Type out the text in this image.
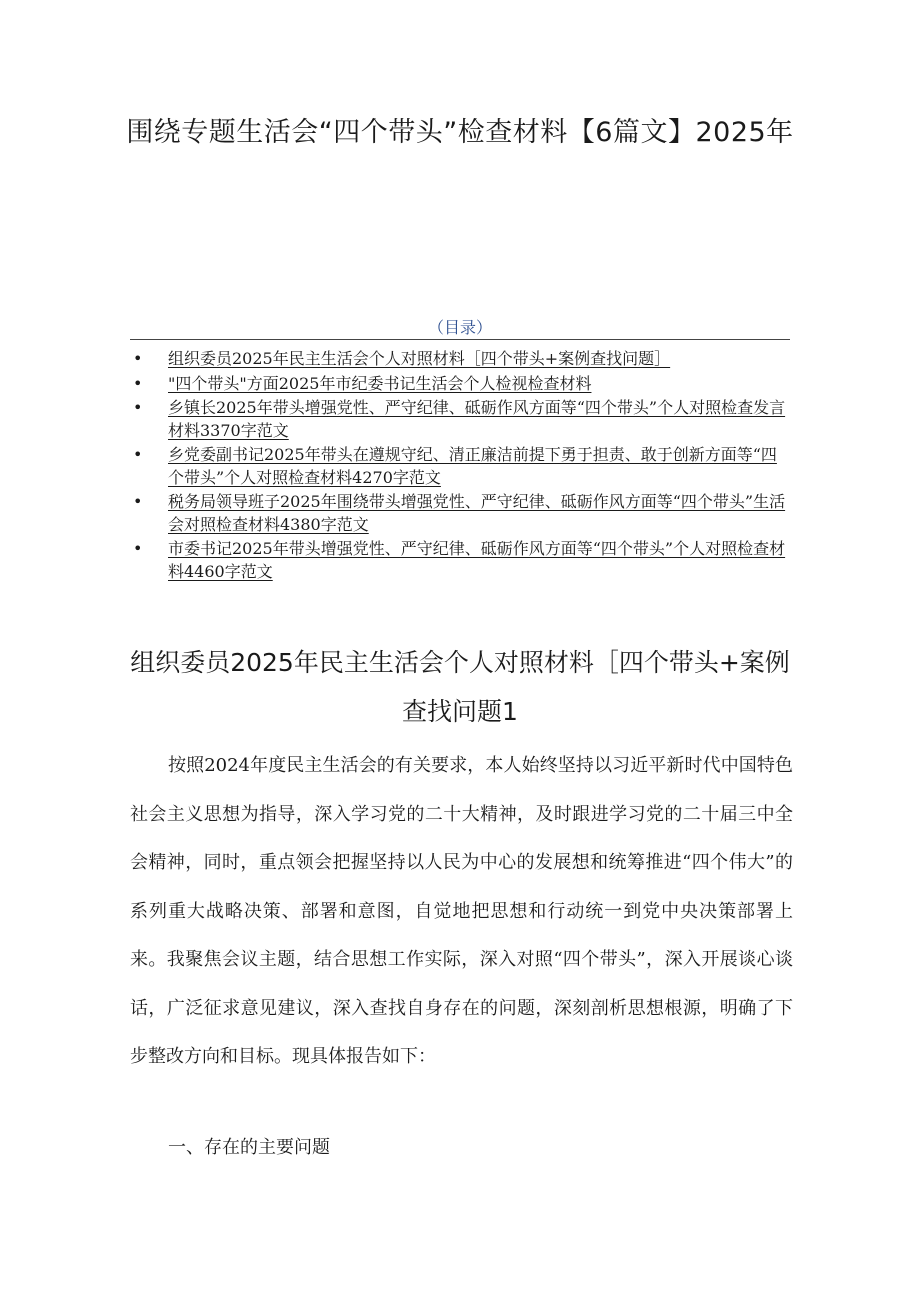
围绕专题生活会“四个带头”检查材料【6篇文】2025年

（目录）

• 组织委员2025年民主生活会个人对照材料［四个带头+案例查找问题］
• "四个带头"方面2025年市纪委书记生活会个人检视检查材料
• 乡镇长2025年带头增强党性、严守纪律、砥砺作风方面等“四个带头”个人对照检查发言材料3370字范文
• 乡党委副书记2025年带头在遵规守纪、清正廉洁前提下勇于担责、敢于创新方面等“四个带头”个人对照检查材料4270字范文
• 税务局领导班子2025年围绕带头增强党性、严守纪律、砥砺作风方面等“四个带头”生活会对照检查材料4380字范文
• 市委书记2025年带头增强党性、严守纪律、砥砺作风方面等“四个带头”个人对照检查材料4460字范文
组织委员2025年民主生活会个人对照材料［四个带头+案例查找问题1

按照2024年度民主生活会的有关要求，本人始终坚持以习近平新时代中国特色社会主义思想为指导，深入学习党的二十大精神，及时跟进学习党的二十届三中全会精神，同时，重点领会把握坚持以人民为中心的发展想和统筹推进“四个伟大”的系列重大战略决策、部署和意图，自觉地把思想和行动统一到党中央决策部署上来。我聚焦会议主题，结合思想工作实际，深入对照“四个带头”，深入开展谈心谈话，广泛征求意见建议，深入查找自身存在的问题，深刻剖析思想根源，明确了下步整改方向和目标。现具体报告如下：

一、存在的主要问题
